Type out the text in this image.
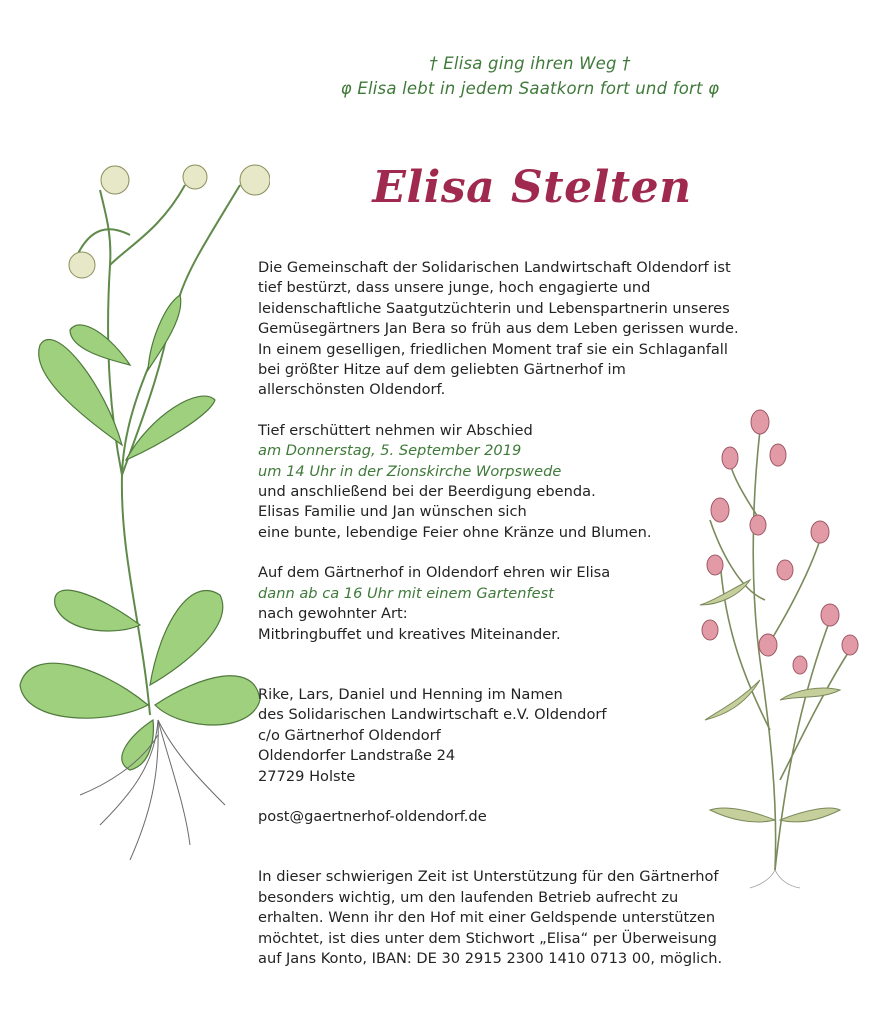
† Elisa ging ihren Weg †
φ Elisa lebt in jedem Saatkorn fort und fort φ
Elisa Stelten
Die Gemeinschaft der Solidarischen Landwirtschaft Oldendorf ist
tief bestürzt, dass unsere junge, hoch engagierte und
leidenschaftliche Saatgutzüchterin und Lebenspartnerin unseres
Gemüsegärtners Jan Bera so früh aus dem Leben gerissen wurde.
In einem geselligen, friedlichen Moment traf sie ein Schlaganfall
bei größter Hitze auf dem geliebten Gärtnerhof im
allerschönsten Oldendorf.
Tief erschüttert nehmen wir Abschied
am Donnerstag, 5. September 2019
um 14 Uhr in der Zionskirche Worpswede
und anschließend bei der Beerdigung ebenda.
Elisas Familie und Jan wünschen sich
eine bunte, lebendige Feier ohne Kränze und Blumen.
Auf dem Gärtnerhof in Oldendorf ehren wir Elisa
dann ab ca 16 Uhr mit einem Gartenfest
nach gewohnter Art:
Mitbringbuffet und kreatives Miteinander.
Rike, Lars, Daniel und Henning im Namen
des Solidarischen Landwirtschaft e.V. Oldendorf
c/o Gärtnerhof Oldendorf
Oldendorfer Landstraße 24
27729 Holste
post@gaertnerhof-oldendorf.de
In dieser schwierigen Zeit ist Unterstützung für den Gärtnerhof
besonders wichtig, um den laufenden Betrieb aufrecht zu
erhalten. Wenn ihr den Hof mit einer Geldspende unterstützen
möchtet, ist dies unter dem Stichwort „Elisa“ per Überweisung
auf Jans Konto, IBAN: DE 30 2915 2300 1410 0713 00, möglich.
